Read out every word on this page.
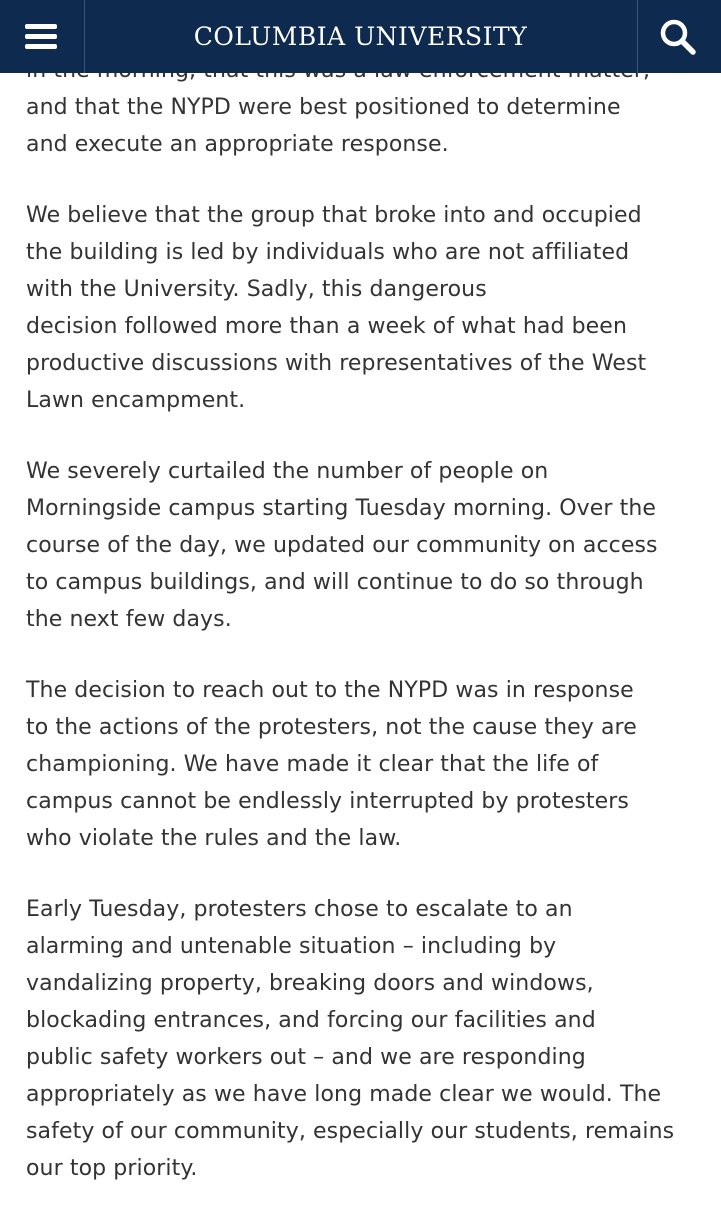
COLUMBIA UNIVERSITY

and that the NYPD were best positioned to determine
and execute an appropriate response.

We believe that the group that broke into and occupied
the building is led by individuals who are not affiliated
with the University. Sadly, this dangerous
decision followed more than a week of what had been
productive discussions with representatives of the West
Lawn encampment.

We severely curtailed the number of people on
Morningside campus starting Tuesday morning. Over the
course of the day, we updated our community on access
to campus buildings, and will continue to do so through
the next few days.

The decision to reach out to the NYPD was in response
to the actions of the protesters, not the cause they are
championing. We have made it clear that the life of
campus cannot be endlessly interrupted by protesters
who violate the rules and the law.

Early Tuesday, protesters chose to escalate to an
alarming and untenable situation – including by
vandalizing property, breaking doors and windows,
blockading entrances, and forcing our facilities and
public safety workers out – and we are responding
appropriately as we have long made clear we would. The
safety of our community, especially our students, remains
our top priority.
